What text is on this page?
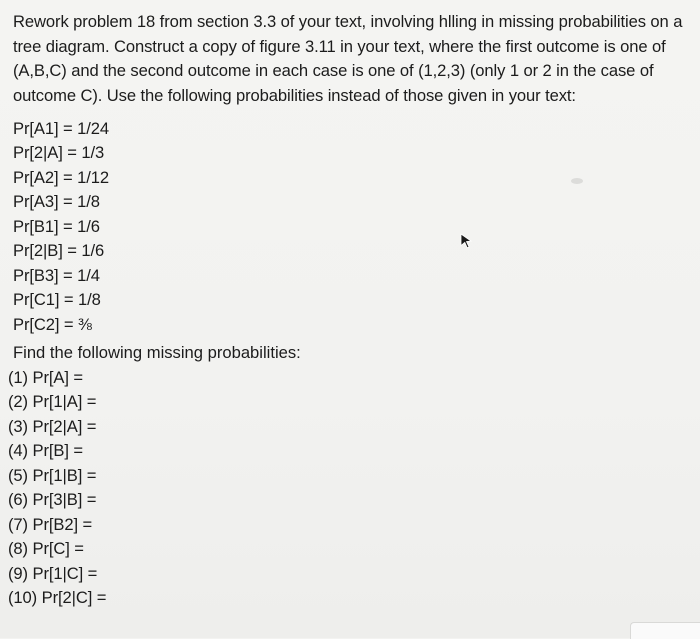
Rework problem 18 from section 3.3 of your text, involving hlling in missing probabilities on a
tree diagram. Construct a copy of figure 3.11 in your text, where the first outcome is one of
(A,B,C) and the second outcome in each case is one of (1,2,3) (only 1 or 2 in the case of
outcome C). Use the following probabilities instead of those given in your text:
Pr[A1] = 1/24
Pr[2|A] = 1/3
Pr[A2] = 1/12
Pr[A3] = 1/8
Pr[B1] = 1/6
Pr[2|B] = 1/6
Pr[B3] = 1/4
Pr[C1] = 1/8
Pr[C2] = ⅜
Find the following missing probabilities:
(1) Pr[A] =
(2) Pr[1|A] =
(3) Pr[2|A] =
(4) Pr[B] =
(5) Pr[1|B] =
(6) Pr[3|B] =
(7) Pr[B2] =
(8) Pr[C] =
(9) Pr[1|C] =
(10) Pr[2|C] =
